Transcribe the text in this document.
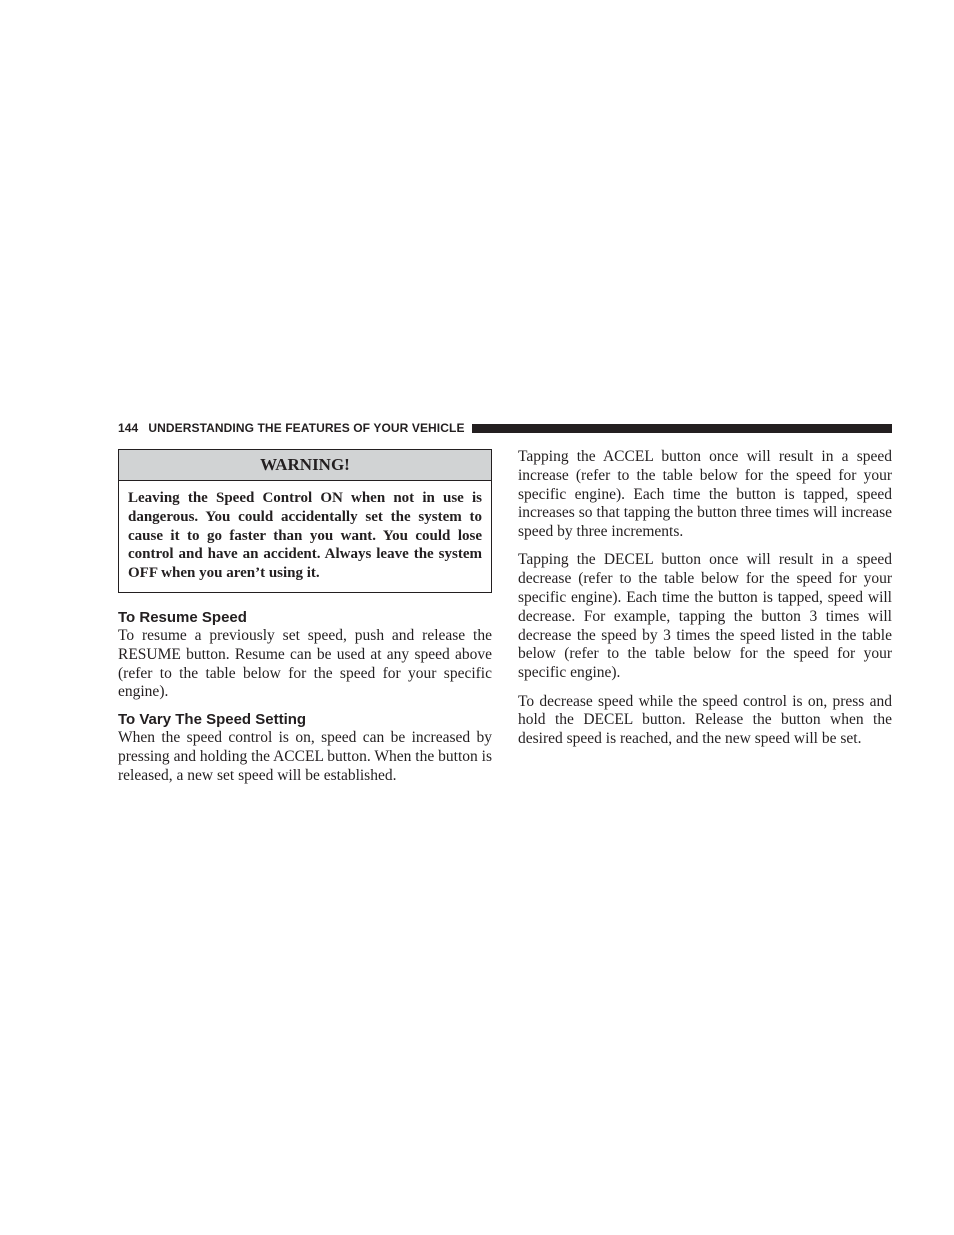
144 UNDERSTANDING THE FEATURES OF YOUR VEHICLE
WARNING!
Leaving the Speed Control ON when not in use is dangerous. You could accidentally set the system to cause it to go faster than you want. You could lose control and have an accident. Always leave the system OFF when you aren’t using it.
To Resume Speed

To resume a previously set speed, push and release the RESUME button. Resume can be used at any speed above (refer to the table below for the speed for your specific engine).

To Vary The Speed Setting

When the speed control is on, speed can be increased by pressing and holding the ACCEL button. When the button is released, a new set speed will be established.

Tapping the ACCEL button once will result in a speed increase (refer to the table below for the speed for your specific engine). Each time the button is tapped, speed increases so that tapping the button three times will increase speed by three increments.

Tapping the DECEL button once will result in a speed decrease (refer to the table below for the speed for your specific engine). Each time the button is tapped, speed will decrease. For example, tapping the button 3 times will decrease the speed by 3 times the speed listed in the table below (refer to the table below for the speed for your specific engine).

To decrease speed while the speed control is on, press and hold the DECEL button. Release the button when the desired speed is reached, and the new speed will be set.
